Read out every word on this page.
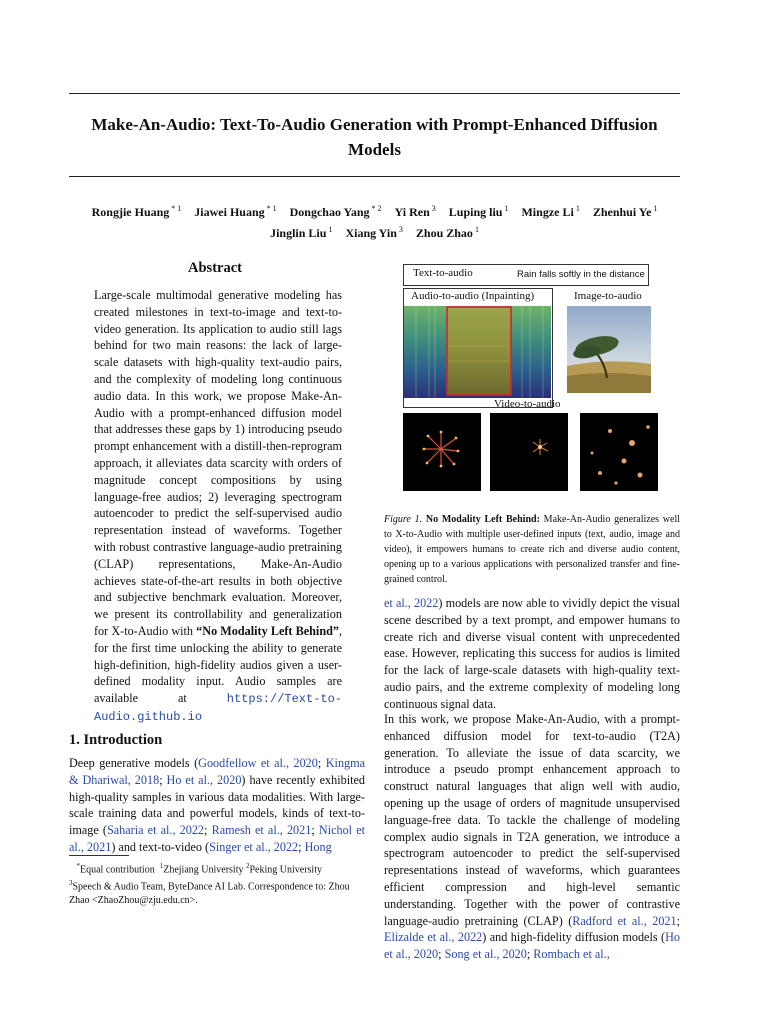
Make-An-Audio: Text-To-Audio Generation with Prompt-Enhanced Diffusion Models
Rongjie Huang $^{* 1}$ Jiawei Huang $^{* 1}$ Dongchao Yang $^{* 2}$ Yi Ren $^3$ Luping liu $^1$ Mingze Li $^1$ Zhenhui Ye $^1$
Jinglin Liu $^1$ Xiang Yin $^3$ Zhou Zhao $^1$
Abstract

Large-scale multimodal generative modeling has created milestones in text-to-image and text-to-video generation. Its application to audio still lags behind for two main reasons: the lack of large-scale datasets with high-quality text-audio pairs, and the complexity of modeling long continuous audio data. In this work, we propose Make-An-Audio with a prompt-enhanced diffusion model that addresses these gaps by 1) introducing pseudo prompt enhancement with a distill-then-reprogram approach, it alleviates data scarcity with orders of magnitude concept compositions by using language-free audios; 2) leveraging spectrogram autoencoder to predict the self-supervised audio representation instead of waveforms. Together with robust contrastive language-audio pretraining (CLAP) representations, Make-An-Audio achieves state-of-the-art results in both objective and subjective benchmark evaluation. Moreover, we present its controllability and generalization for X-to-Audio with “No Modality Left Behind”, for the first time unlocking the ability to generate high-definition, high-fidelity audios given a user-defined modality input. Audio samples are available at https://Text-to-Audio.github.io

1. Introduction

Deep generative models (Goodfellow et al., 2020; Kingma & Dhariwal, 2018; Ho et al., 2020) have recently exhibited high-quality samples in various data modalities. With large-scale training data and powerful models, kinds of text-to-image (Saharia et al., 2022; Ramesh et al., 2021; Nichol et al., 2021) and text-to-video (Singer et al., 2022; Hong

*Equal contribution $^1$Zhejiang University $^2$Peking University
$^3$Speech & Audio Team, ByteDance AI Lab. Correspondence to: Zhou Zhao <ZhaoZhou@zju.edu.cn>.
Text-to-audio	Rain falls softly in the distance
Audio-to-audio (Inpainting)	Image-to-audio
Video-to-audio

Figure 1. No Modality Left Behind: Make-An-Audio generalizes well to X-to-Audio with multiple user-defined inputs (text, audio, image and video), it empowers humans to create rich and diverse audio content, opening up to a various applications with personalized transfer and fine-grained control.

et al., 2022) models are now able to vividly depict the visual scene described by a text prompt, and empower humans to create rich and diverse visual content with unprecedented ease. However, replicating this success for audios is limited for the lack of large-scale datasets with high-quality text-audio pairs, and the extreme complexity of modeling long continuous signal data.

In this work, we propose Make-An-Audio, with a prompt-enhanced diffusion model for text-to-audio (T2A) generation. To alleviate the issue of data scarcity, we introduce a pseudo prompt enhancement approach to construct natural languages that align well with audio, opening up the usage of orders of magnitude unsupervised language-free data. To tackle the challenge of modeling complex audio signals in T2A generation, we introduce a spectrogram autoencoder to predict the self-supervised representations instead of waveforms, which guarantees efficient compression and high-level semantic understanding. Together with the power of contrastive language-audio pretraining (CLAP) (Radford et al., 2021; Elizalde et al., 2022) and high-fidelity diffusion models (Ho et al., 2020; Song et al., 2020; Rombach et al.,
